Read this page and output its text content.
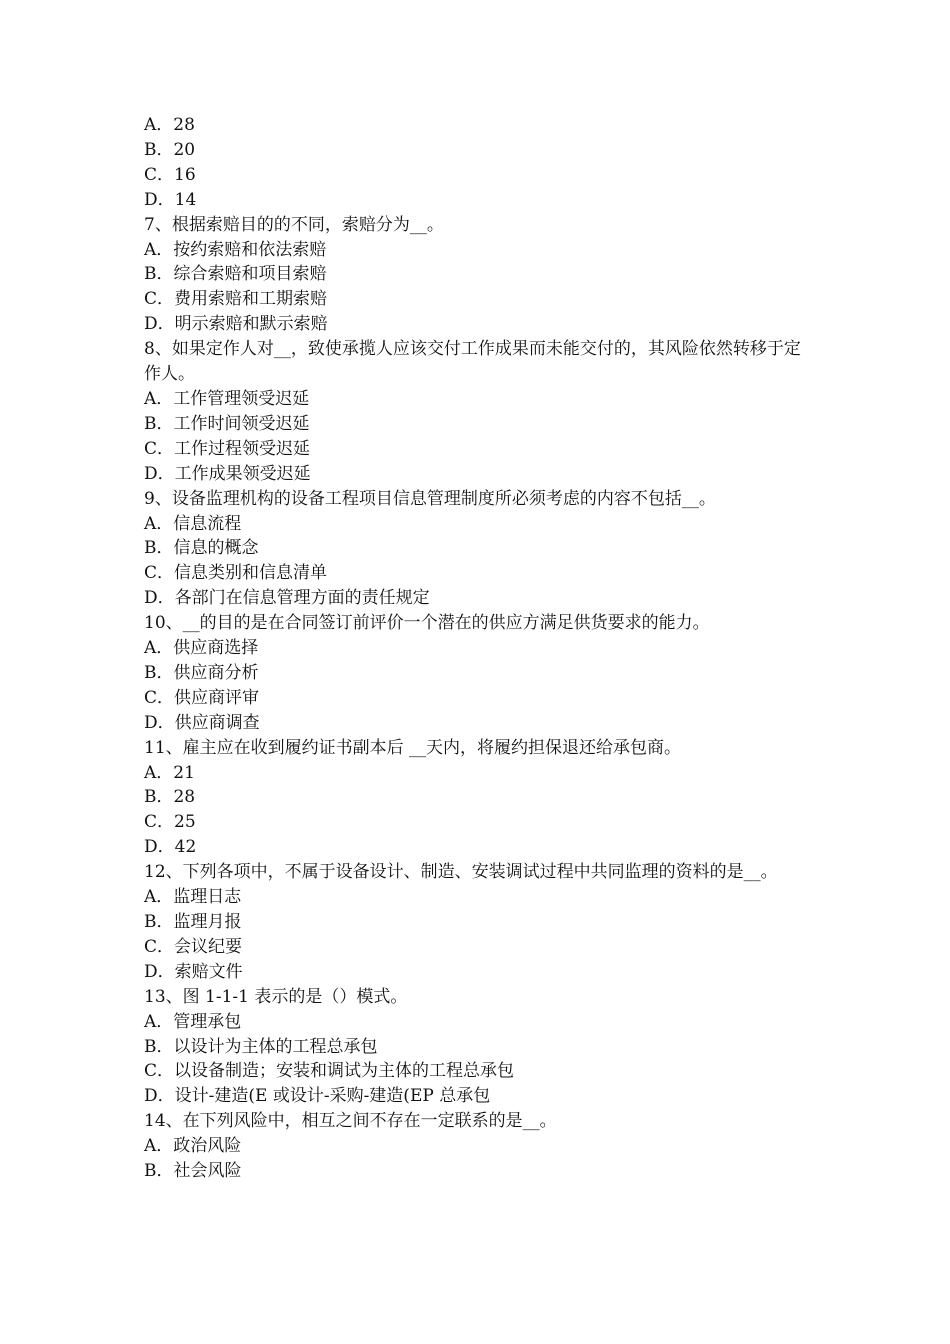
A．28
B．20
C．16
D．14
7、根据索赔目的的不同，索赔分为__。
A．按约索赔和依法索赔
B．综合索赔和项目索赔
C．费用索赔和工期索赔
D．明示索赔和默示索赔
8、如果定作人对__，致使承揽人应该交付工作成果而未能交付的，其风险依然转移于定作人。
A．工作管理领受迟延
B．工作时间领受迟延
C．工作过程领受迟延
D．工作成果领受迟延
9、设备监理机构的设备工程项目信息管理制度所必须考虑的内容不包括__。
A．信息流程
B．信息的概念
C．信息类别和信息清单
D．各部门在信息管理方面的责任规定
10、__的目的是在合同签订前评价一个潜在的供应方满足供货要求的能力。
A．供应商选择
B．供应商分析
C．供应商评审
D．供应商调查
11、雇主应在收到履约证书副本后 __天内，将履约担保退还给承包商。
A．21
B．28
C．25
D．42
12、下列各项中，不属于设备设计、制造、安装调试过程中共同监理的资料的是__。
A．监理日志
B．监理月报
C．会议纪要
D．索赔文件
13、图 1-1-1 表示的是（）模式。
A．管理承包
B．以设计为主体的工程总承包
C．以设备制造；安装和调试为主体的工程总承包
D．设计-建造(E 或设计-采购-建造(EP 总承包
14、在下列风险中，相互之间不存在一定联系的是__。
A．政治风险
B．社会风险
